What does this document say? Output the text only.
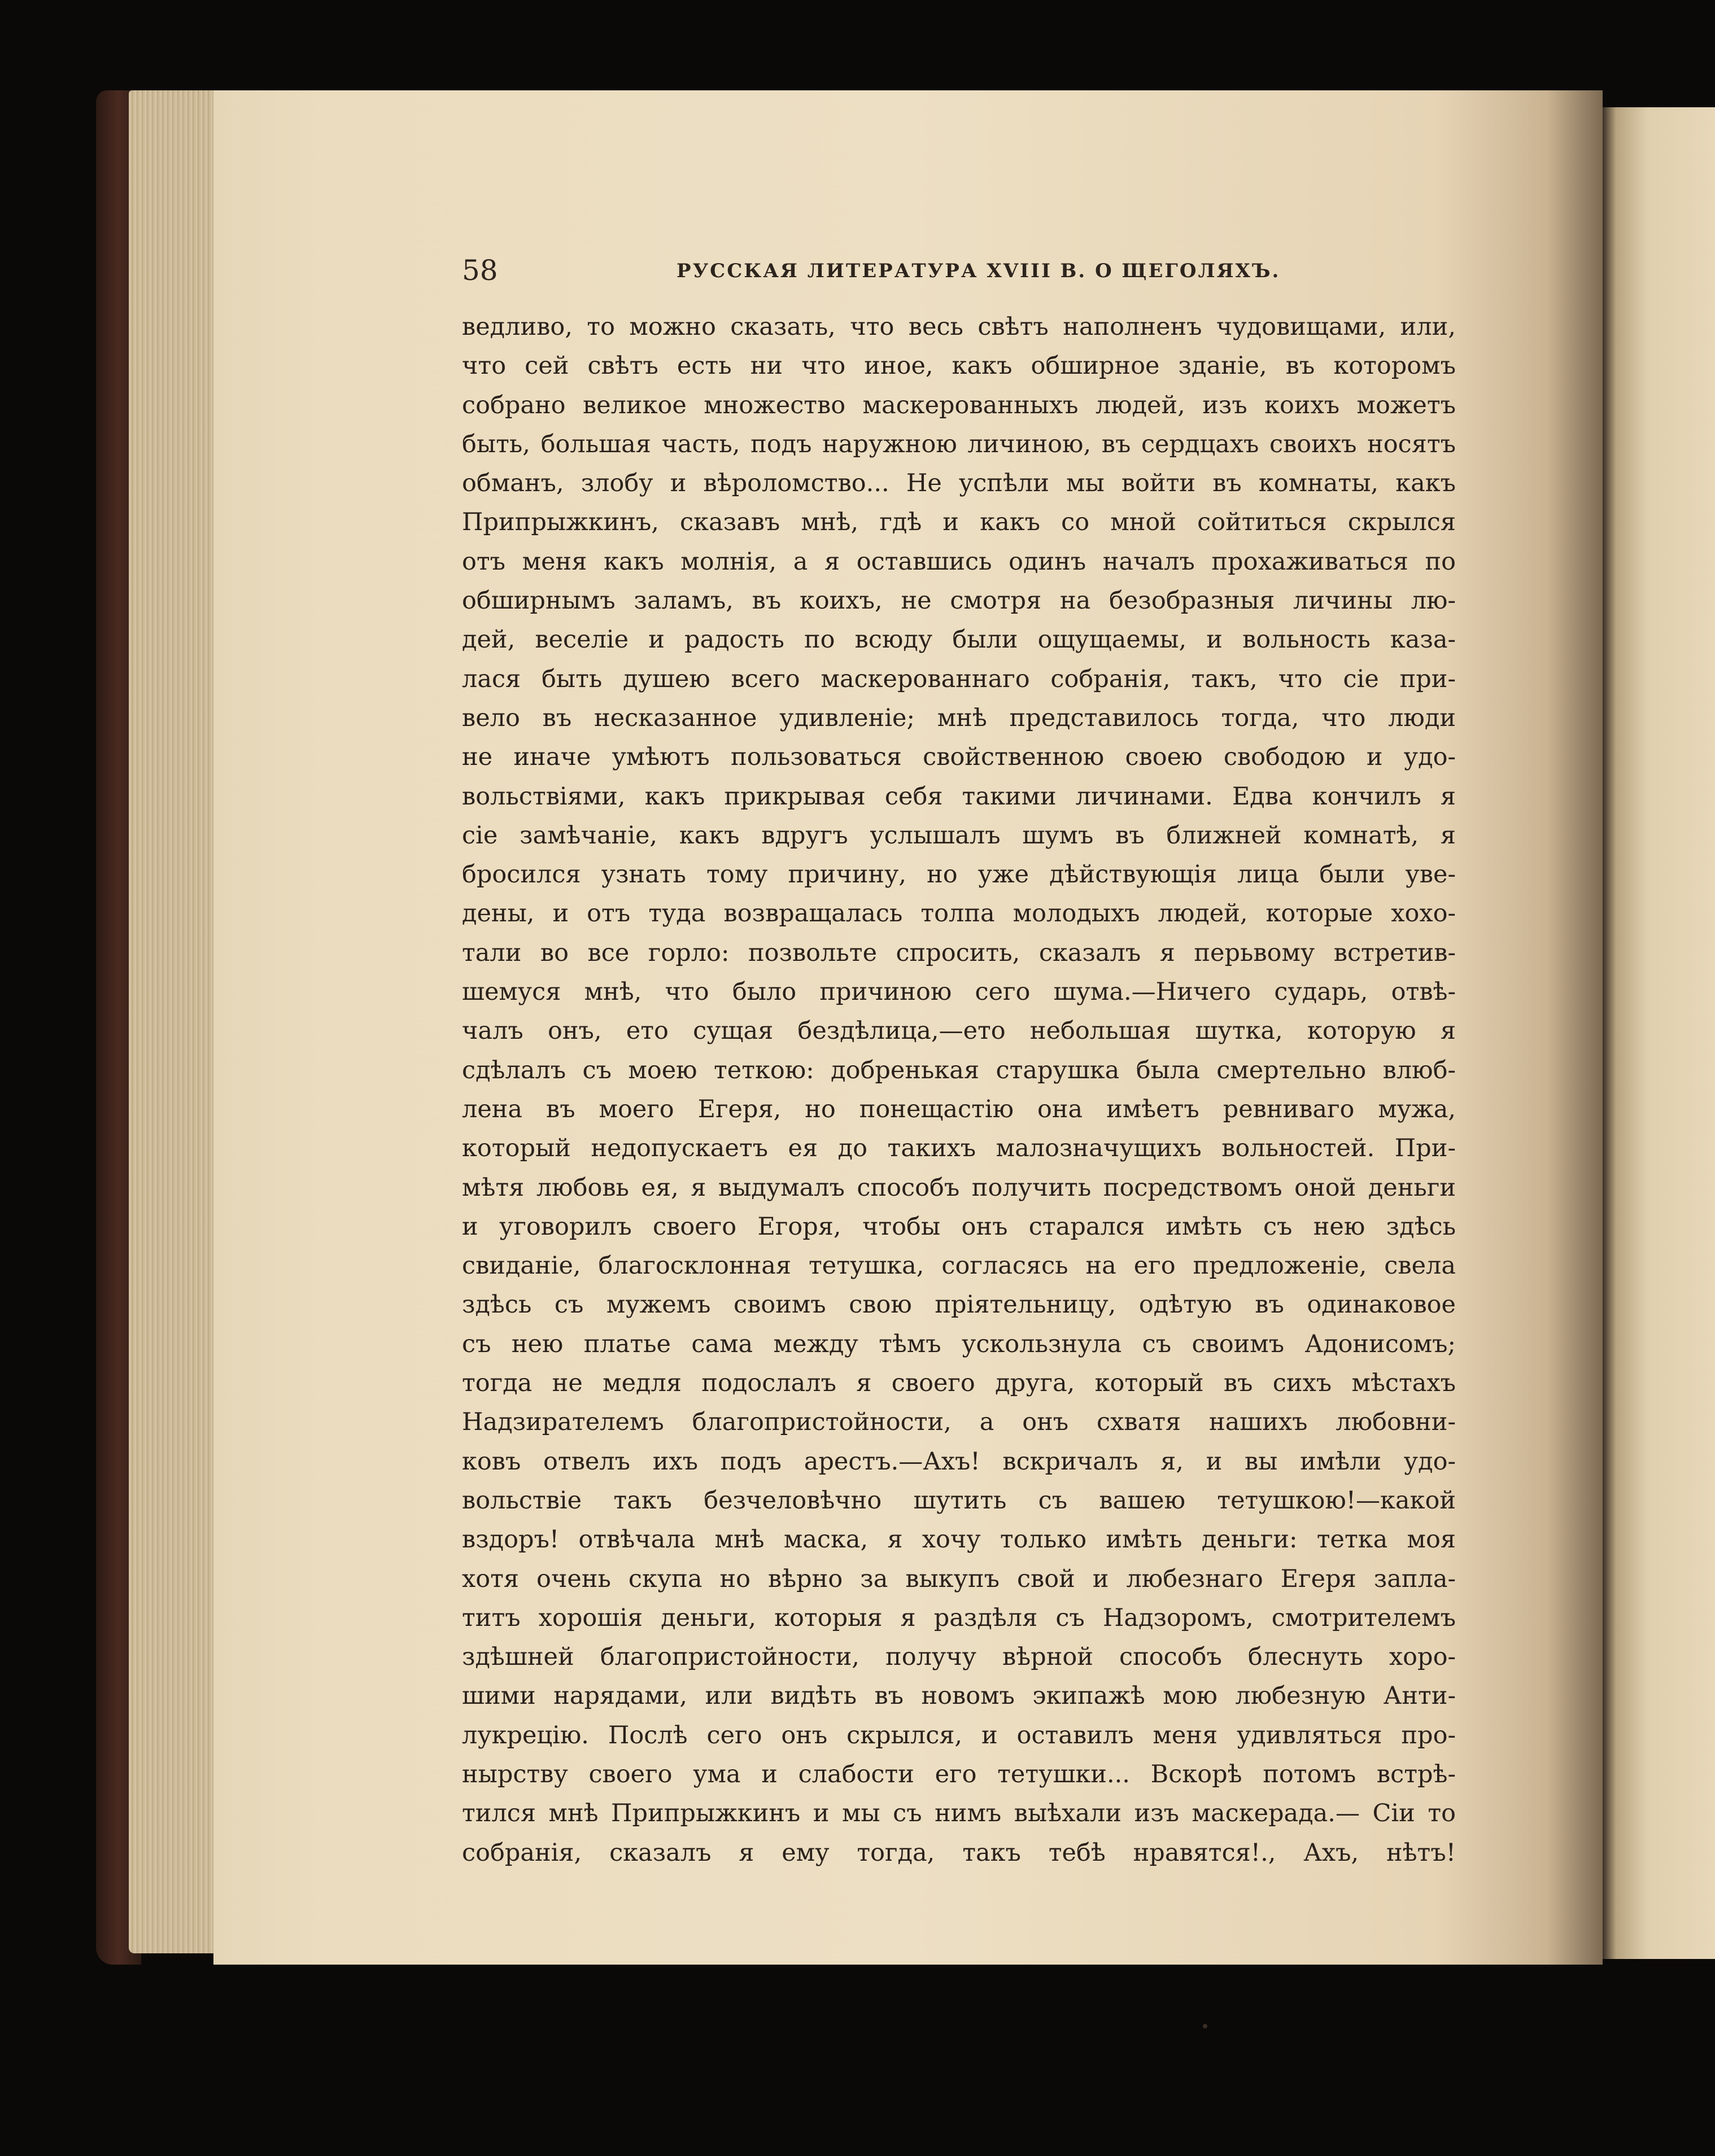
58	РУССКАЯ ЛИТЕРАТУРА XVIII В. О ЩЕГОЛЯХЪ.
ведливо, то можно сказать, что весь свѣтъ наполненъ чудовищами, или,
что сей свѣтъ есть ни что иное, какъ обширное зданіе, въ которомъ
собрано великое множество маскерованныхъ людей, изъ коихъ можетъ
быть, большая часть, подъ наружною личиною, въ сердцахъ своихъ носятъ
обманъ, злобу и вѣроломство... Не успѣли мы войти въ комнаты, какъ
Припрыжкинъ, сказавъ мнѣ, гдѣ и какъ со мной сойтиться скрылся
отъ меня какъ молнія, а я оставшись одинъ началъ прохаживаться по
обширнымъ заламъ, въ коихъ, не смотря на безобразныя личины лю-
дей, веселіе и радость по всюду были ощущаемы, и вольность каза-
лася быть душею всего маскерованнаго собранія, такъ, что сіе при-
вело въ несказанное удивленіе; мнѣ представилось тогда, что люди
не иначе умѣютъ пользоваться свойственною своею свободою и удо-
вольствіями, какъ прикрывая себя такими личинами. Едва кончилъ я
сіе замѣчаніе, какъ вдругъ услышалъ шумъ въ ближней комнатѣ, я
бросился узнать тому причину, но уже дѣйствующія лица были уве-
дены, и отъ туда возвращалась толпа молодыхъ людей, которые хохо-
тали во все горло: позвольте спросить, сказалъ я перьвому встретив-
шемуся мнѣ, что было причиною сего шума.—Ничего сударь, отвѣ-
чалъ онъ, ето сущая бездѣлица,—ето небольшая шутка, которую я
сдѣлалъ съ моею теткою: добренькая старушка была смертельно влюб-
лена въ моего Егеря, но понещастію она имѣетъ ревниваго мужа,
который недопускаетъ ея до такихъ малозначущихъ вольностей. При-
мѣтя любовь ея, я выдумалъ способъ получить посредствомъ оной деньги
и уговорилъ своего Егоря, чтобы онъ старался имѣть съ нею здѣсь
свиданіе, благосклонная тетушка, согласясь на его предложеніе, свела
здѣсь съ мужемъ своимъ свою пріятельницу, одѣтую въ одинаковое
съ нею платье сама между тѣмъ ускользнула съ своимъ Адонисомъ;
тогда не медля подослалъ я своего друга, который въ сихъ мѣстахъ
Надзирателемъ благопристойности, а онъ схватя нашихъ любовни-
ковъ отвелъ ихъ подъ арестъ.—Ахъ! вскричалъ я, и вы имѣли удо-
вольствіе такъ безчеловѣчно шутить съ вашею тетушкою!—какой
вздоръ! отвѣчала мнѣ маска, я хочу только имѣть деньги: тетка моя
хотя очень скупа но вѣрно за выкупъ свой и любезнаго Егеря запла-
титъ хорошія деньги, которыя я раздѣля съ Надзоромъ, смотрителемъ
здѣшней благопристойности, получу вѣрной способъ блеснуть хоро-
шими нарядами, или видѣть въ новомъ экипажѣ мою любезную Анти-
лукрецію. Послѣ сего онъ скрылся, и оставилъ меня удивляться про-
нырству своего ума и слабости его тетушки... Вскорѣ потомъ встрѣ-
тился мнѣ Припрыжкинъ и мы съ нимъ выѣхали изъ маскерада.— Сіи то
собранія, сказалъ я ему тогда, такъ тебѣ нравятся!., Ахъ, нѣтъ!
